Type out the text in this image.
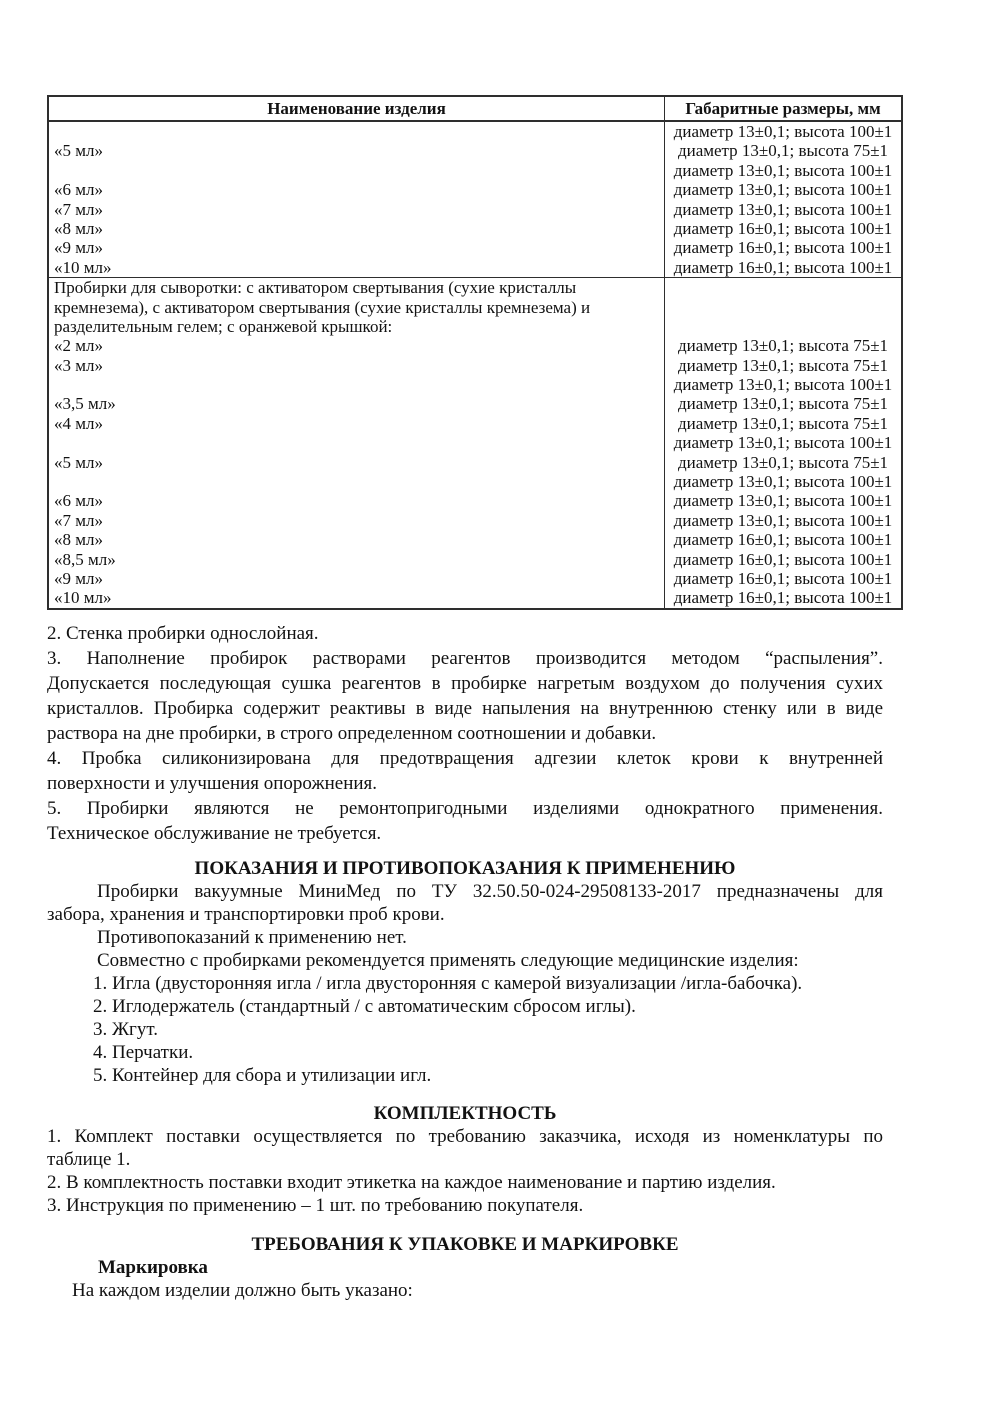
Наименование изделия	Габаритные размеры, мм

«5 мл»

«6 мл»
«7 мл»
«8 мл»
«9 мл»
«10 мл»
диаметр 13±0,1; высота 100±1
диаметр 13±0,1; высота 75±1
диаметр 13±0,1; высота 100±1
диаметр 13±0,1; высота 100±1
диаметр 13±0,1; высота 100±1
диаметр 16±0,1; высота 100±1
диаметр 16±0,1; высота 100±1
диаметр 16±0,1; высота 100±1
Пробирки для сыворотки: с активатором свертывания (сухие кристаллы
кремнезема), с активатором свертывания (сухие кристаллы кремнезема) и
разделительным гелем; с оранжевой крышкой:
«2 мл»
«3 мл»

«3,5 мл»
«4 мл»

«5 мл»

«6 мл»
«7 мл»
«8 мл»
«8,5 мл»
«9 мл»
«10 мл»

диаметр 13±0,1; высота 75±1
диаметр 13±0,1; высота 75±1
диаметр 13±0,1; высота 100±1
диаметр 13±0,1; высота 75±1
диаметр 13±0,1; высота 75±1
диаметр 13±0,1; высота 100±1
диаметр 13±0,1; высота 75±1
диаметр 13±0,1; высота 100±1
диаметр 13±0,1; высота 100±1
диаметр 13±0,1; высота 100±1
диаметр 16±0,1; высота 100±1
диаметр 16±0,1; высота 100±1
диаметр 16±0,1; высота 100±1
диаметр 16±0,1; высота 100±1
2. Стенка пробирки однослойная.
3. Наполнение пробирок растворами реагентов производится методом “распыления”.
Допускается последующая сушка реагентов в пробирке нагретым воздухом до получения сухих
кристаллов. Пробирка содержит реактивы в виде напыления на внутреннюю стенку или в виде
раствора на дне пробирки, в строго определенном соотношении и добавки.
4. Пробка силиконизирована для предотвращения адгезии клеток крови к внутренней
поверхности и улучшения опорожнения.
5. Пробирки являются не ремонтопригодными изделиями однократного применения.
Техническое обслуживание не требуется.
ПОКАЗАНИЯ И ПРОТИВОПОКАЗАНИЯ К ПРИМЕНЕНИЮ
Пробирки вакуумные МиниМед по ТУ 32.50.50-024-29508133-2017 предназначены для
забора, хранения и транспортировки проб крови.
Противопоказаний к применению нет.
Совместно с пробирками рекомендуется применять следующие медицинские изделия:
1. Игла (двусторонняя игла / игла двусторонняя с камерой визуализации /игла-бабочка).
2. Иглодержатель (стандартный / с автоматическим сбросом иглы).
3. Жгут.
4. Перчатки.
5. Контейнер для сбора и утилизации игл.
КОМПЛЕКТНОСТЬ
1. Комплект поставки осуществляется по требованию заказчика, исходя из номенклатуры по
таблице 1.
2. В комплектность поставки входит этикетка на каждое наименование и партию изделия.
3. Инструкция по применению – 1 шт. по требованию покупателя.
ТРЕБОВАНИЯ К УПАКОВКЕ И МАРКИРОВКЕ
Маркировка
На каждом изделии должно быть указано:
